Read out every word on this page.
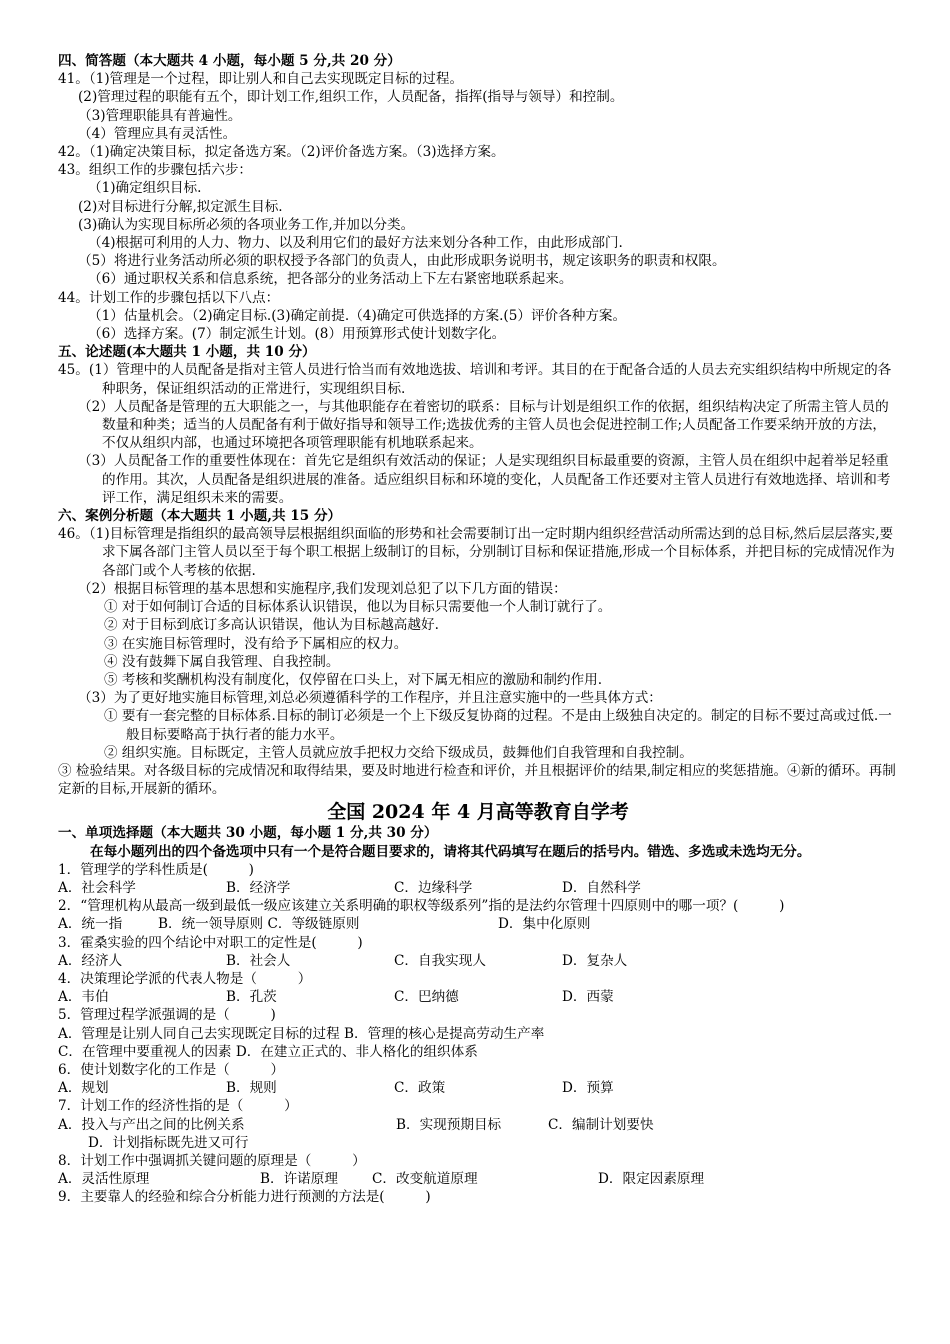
四、简答题（本大题共 4 小题，每小题 5 分,共 20 分）
41。（1)管理是一个过程，即让别人和自己去实现既定目标的过程。
(2)管理过程的职能有五个，即计划工作,组织工作，人员配备，指挥(指导与领导）和控制。
（3)管理职能具有普遍性。
（4）管理应具有灵活性。
42。（1)确定决策目标，拟定备选方案。（2)评价备选方案。（3)选择方案。
43。组织工作的步骤包括六步：
（1)确定组织目标.
(2)对目标进行分解,拟定派生目标.
(3)确认为实现目标所必须的各项业务工作,并加以分类。
（4)根据可利用的人力、物力、以及利用它们的最好方法来划分各种工作，由此形成部门.
（5）将进行业务活动所必须的职权授予各部门的负责人，由此形成职务说明书，规定该职务的职责和权限。
（6）通过职权关系和信息系统，把各部分的业务活动上下左右紧密地联系起来。
44。计划工作的步骤包括以下八点：
（1）估量机会。（2)确定目标.(3)确定前提.（4)确定可供选择的方案.(5）评价各种方案。
（6）选择方案。(7）制定派生计划。(8）用预算形式使计划数字化。
五、论述题(本大题共 1 小题，共 10 分）
45。(1）管理中的人员配备是指对主管人员进行恰当而有效地选拔、培训和考评。其目的在于配备合适的人员去充实组织结构中所规定的各种职务，保证组织活动的正常进行，实现组织目标.
（2）人员配备是管理的五大职能之一，与其他职能存在着密切的联系：目标与计划是组织工作的依据，组织结构决定了所需主管人员的数量和种类；适当的人员配备有利于做好指导和领导工作;选拔优秀的主管人员也会促进控制工作;人员配备工作要采纳开放的方法，不仅从组织内部，也通过环境把各项管理职能有机地联系起来。
（3）人员配备工作的重要性体现在：首先它是组织有效活动的保证；人是实现组织目标最重要的资源，主管人员在组织中起着举足轻重的作用。其次，人员配备是组织进展的准备。适应组织目标和环境的变化，人员配备工作还要对主管人员进行有效地选择、培训和考评工作，满足组织未来的需要。
六、案例分析题（本大题共 1 小题,共 15 分）
46。（1)目标管理是指组织的最高领导层根据组织面临的形势和社会需要制订出一定时期内组织经营活动所需达到的总目标,然后层层落实,要求下属各部门主管人员以至于每个职工根据上级制订的目标，分别制订目标和保证措施,形成一个目标体系，并把目标的完成情况作为各部门或个人考核的依据.
（2）根据目标管理的基本思想和实施程序,我们发现刘总犯了以下几方面的错误：
① 对于如何制订合适的目标体系认识错误，他以为目标只需要他一个人制订就行了。
② 对于目标到底订多高认识错误，他认为目标越高越好.
③ 在实施目标管理时，没有给予下属相应的权力。
④ 没有鼓舞下属自我管理、自我控制。
⑤ 考核和奖酬机构没有制度化，仅停留在口头上，对下属无相应的激励和制约作用.
（3）为了更好地实施目标管理,刘总必须遵循科学的工作程序，并且注意实施中的一些具体方式：
① 要有一套完整的目标体系.目标的制订必须是一个上下级反复协商的过程。不是由上级独自决定的。制定的目标不要过高或过低.一般目标要略高于执行者的能力水平。
② 组织实施。目标既定，主管人员就应放手把权力交给下级成员，鼓舞他们自我管理和自我控制。
③ 检验结果。对各级目标的完成情况和取得结果，要及时地进行检查和评价，并且根据评价的结果,制定相应的奖惩措施。④新的循环。再制定新的目标,开展新的循环。
全国 2024 年 4 月高等教育自学考
一、单项选择题（本大题共 30 小题，每小题 1 分,共 30 分）
在每小题列出的四个备选项中只有一个是符合题目要求的，请将其代码填写在题后的括号内。错选、多选或未选均无分。
1．管理学的学科性质是(　　　)
A．社会科学	B．经济学	C．边缘科学	D．自然科学
2．“管理机构从最高一级到最低一级应该建立关系明确的职权等级系列”指的是法约尔管理十四原则中的哪一项？(　　　)
A．统一指	B．统一领导原则 C．等级链原则	D．集中化原则
3．霍桑实验的四个结论中对职工的定性是(　　　)
A．经济人	B．社会人	C．自我实现人	D．复杂人
4．决策理论学派的代表人物是（　　　）
A．韦伯	B．孔茨	C．巴纳德	D．西蒙
5．管理过程学派强调的是（　　　)
A．管理是让别人同自己去实现既定目标的过程 B．管理的核心是提高劳动生产率
C．在管理中要重视人的因素 D．在建立正式的、非人格化的组织体系
6．使计划数字化的工作是（　　　）
A．规划	B．规则	C．政策	D．预算
7．计划工作的经济性指的是（　　　）
A．投入与产出之间的比例关系	B．实现预期目标	C．编制计划要快
D．计划指标既先进又可行
8．计划工作中强调抓关键问题的原理是（　　　）
A．灵活性原理	B．许诺原理	C．改变航道原理	D．限定因素原理
9．主要靠人的经验和综合分析能力进行预测的方法是(　　　)
